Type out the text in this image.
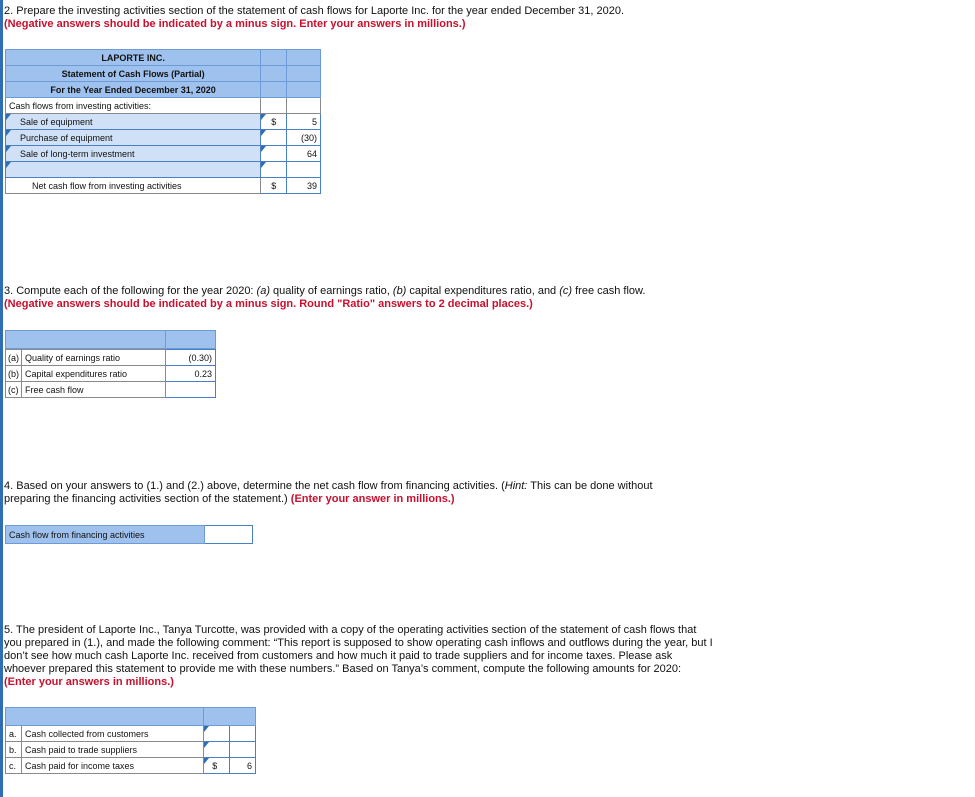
2. Prepare the investing activities section of the statement of cash flows for Laporte Inc. for the year ended December 31, 2020.
(Negative answers should be indicated by a minus sign. Enter your answers in millions.)
LAPORTE INC.		
Statement of Cash Flows (Partial)		
For the Year Ended December 31, 2020		
Cash flows from investing activities:		
Sale of equipment	$	5
Purchase of equipment		(30)
Sale of long-term investment		64

Net cash flow from investing activities	$	39
3. Compute each of the following for the year 2020: (a) quality of earnings ratio, (b) capital expenditures ratio, and (c) free cash flow.
(Negative answers should be indicated by a minus sign. Round "Ratio" answers to 2 decimal places.)

(a)	Quality of earnings ratio	(0.30)
(b)	Capital expenditures ratio	0.23
(c)	Free cash flow	
4. Based on your answers to (1.) and (2.) above, determine the net cash flow from financing activities. (Hint: This can be done without
preparing the financing activities section of the statement.) (Enter your answer in millions.)
Cash flow from financing activities	
5. The president of Laporte Inc., Tanya Turcotte, was provided with a copy of the operating activities section of the statement of cash flows that you prepared in (1.), and made the following comment: “This report is supposed to show operating cash inflows and outflows during the year, but I don’t see how much cash Laporte Inc. received from customers and how much it paid to trade suppliers and for income taxes. Please ask whoever prepared this statement to provide me with these numbers.” Based on Tanya’s comment, compute the following amounts for 2020: (Enter your answers in millions.)

a.	Cash collected from customers		
b.	Cash paid to trade suppliers		
c.	Cash paid for income taxes	$	6
